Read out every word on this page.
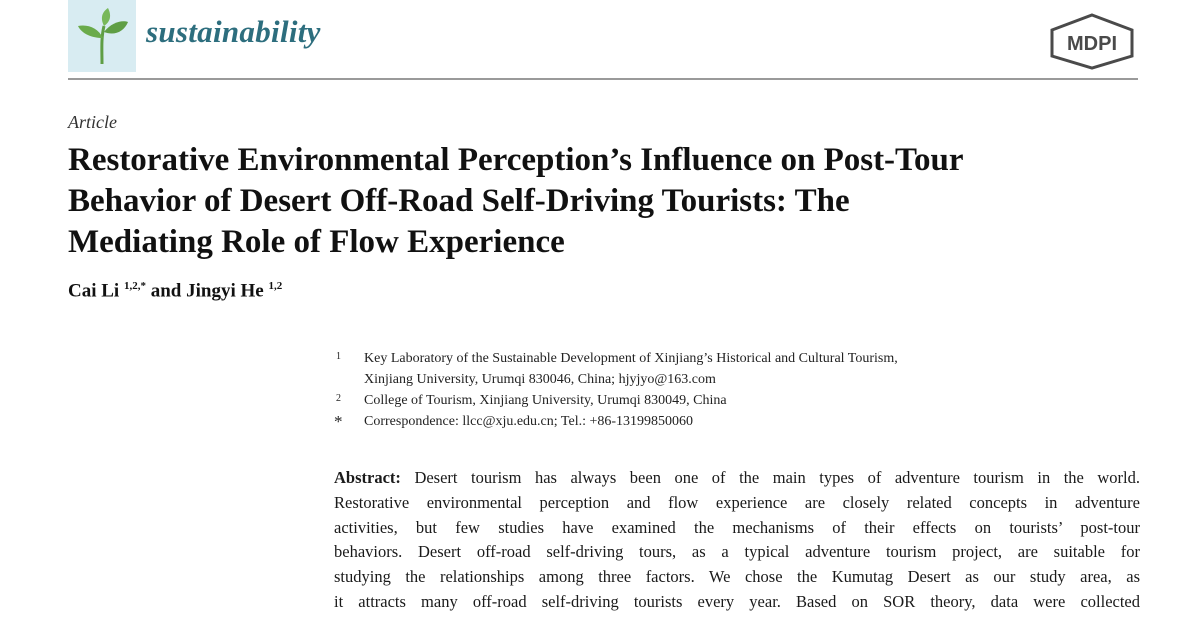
sustainability	MDPI
Article
Restorative Environmental Perception’s Influence on Post-Tour
Behavior of Desert Off-Road Self-Driving Tourists: The
Mediating Role of Flow Experience
Cai Li $^{1,2,*}$ and Jingyi He $^{1,2}$
1 Key Laboratory of the Sustainable Development of Xinjiang’s Historical and Cultural Tourism,
Xinjiang University, Urumqi 830046, China; hjyjyo@163.com
2 College of Tourism, Xinjiang University, Urumqi 830049, China
* Correspondence: llcc@xju.edu.cn; Tel.: +86-13199850060
Abstract: Desert tourism has always been one of the main types of adventure tourism in the world.
Restorative environmental perception and flow experience are closely related concepts in adventure
activities, but few studies have examined the mechanisms of their effects on tourists’ post-tour
behaviors. Desert off-road self-driving tours, as a typical adventure tourism project, are suitable for
studying the relationships among three factors. We chose the Kumutag Desert as our study area, as
it attracts many off-road self-driving tourists every year. Based on SOR theory, data were collected
